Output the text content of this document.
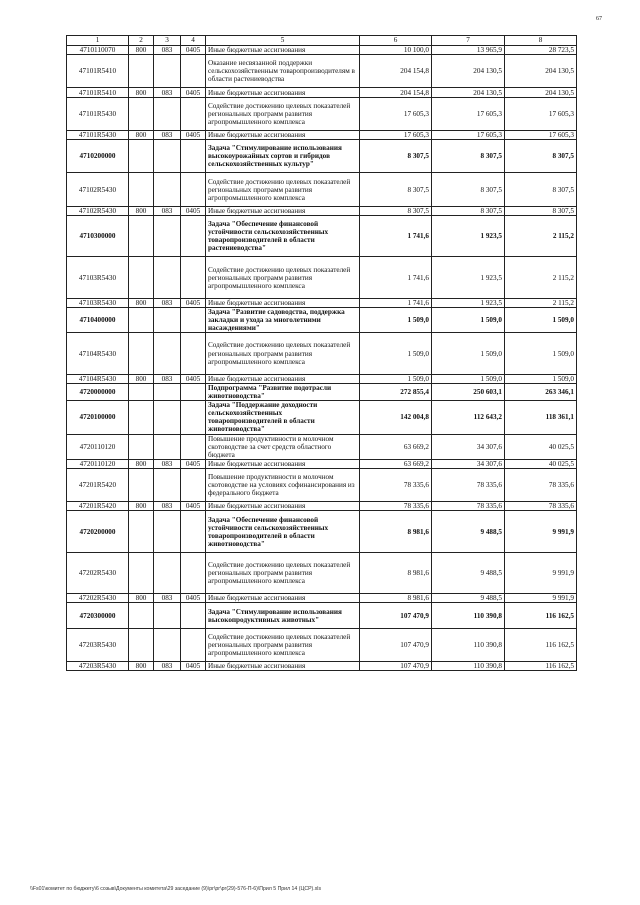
67
1	2	3	4	5	6	7	8
4710110070	800	083	0405	Иные бюджетные ассигнования	10 100,0	13 965,9	28 723,5
47101R5410				Оказание несвязанной поддержки сельскохозяйственным товаропроизводителям в области растениеводства	204 154,8	204 130,5	204 130,5
47101R5410	800	083	0405	Иные бюджетные ассигнования	204 154,8	204 130,5	204 130,5
47101R5430				Содействие достижению целевых показателей региональных программ развития агропромышленного комплекса	17 605,3	17 605,3	17 605,3
47101R5430	800	083	0405	Иные бюджетные ассигнования	17 605,3	17 605,3	17 605,3
4710200000				Задача "Стимулирование использования высокоурожайных сортов и гибридов сельскохозяйственных культур"	8 307,5	8 307,5	8 307,5
47102R5430				Содействие достижению целевых показателей региональных программ развития агропромышленного комплекса	8 307,5	8 307,5	8 307,5
47102R5430	800	083	0405	Иные бюджетные ассигнования	8 307,5	8 307,5	8 307,5
4710300000				Задача "Обеспечение финансовой устойчивости сельскохозяйственных товаропроизводителей в области растениеводства"	1 741,6	1 923,5	2 115,2
47103R5430				Содействие достижению целевых показателей региональных программ развития агропромышленного комплекса	1 741,6	1 923,5	2 115,2
47103R5430	800	083	0405	Иные бюджетные ассигнования	1 741,6	1 923,5	2 115,2
4710400000				Задача "Развитие садоводства, поддержка закладки и ухода за многолетними насаждениями"	1 509,0	1 509,0	1 509,0
47104R5430				Содействие достижению целевых показателей региональных программ развития агропромышленного комплекса	1 509,0	1 509,0	1 509,0
47104R5430	800	083	0405	Иные бюджетные ассигнования	1 509,0	1 509,0	1 509,0
4720000000				Подпрограмма "Развитие подотрасли животноводства"	272 855,4	250 603,1	263 346,1
4720100000				Задача "Поддержание доходности сельскохозяйственных товаропроизводителей в области животноводства"	142 004,8	112 643,2	118 361,1
4720110120				Повышение продуктивности в молочном скотоводстве за счет средств областного бюджета	63 669,2	34 307,6	40 025,5
4720110120	800	083	0405	Иные бюджетные ассигнования	63 669,2	34 307,6	40 025,5
47201R5420				Повышение продуктивности в молочном скотоводстве на условиях софинансирования из федерального бюджета	78 335,6	78 335,6	78 335,6
47201R5420	800	083	0405	Иные бюджетные ассигнования	78 335,6	78 335,6	78 335,6
4720200000				Задача "Обеспечение финансовой устойчивости сельскохозяйственных товаропроизводителей в области животноводства"	8 981,6	9 488,5	9 991,9
47202R5430				Содействие достижению целевых показателей региональных программ развития агропромышленного комплекса	8 981,6	9 488,5	9 991,9
47202R5430	800	083	0405	Иные бюджетные ассигнования	8 981,6	9 488,5	9 991,9
4720300000				Задача "Стимулирование использования высокопродуктивных животных"	107 470,9	110 390,8	116 162,5
47203R5430				Содействие достижению целевых показателей региональных программ развития агропромышленного комплекса	107 470,9	110 390,8	116 162,5
47203R5430	800	083	0405	Иные бюджетные ассигнования	107 470,9	110 390,8	116 162,5
\\Fs01\комитет по бюджету\6 созыв\Документы комитета\29 заседание (9)\рг\рг\рг(29)-576-П-6)\Прил 5 Прил 14 (ЦСР).xls
